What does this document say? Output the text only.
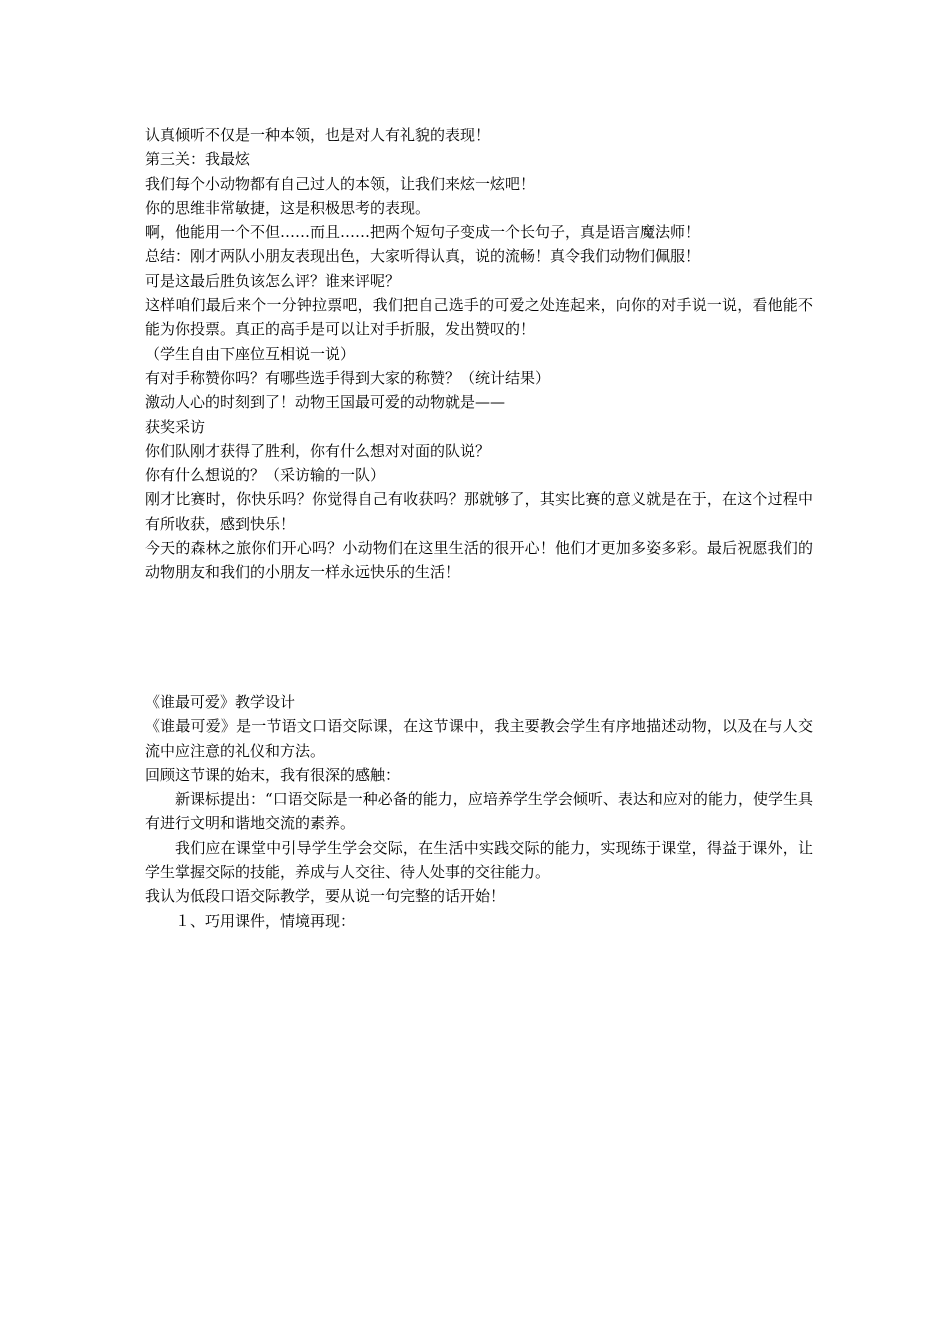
认真倾听不仅是一种本领，也是对人有礼貌的表现！
第三关：我最炫
我们每个小动物都有自己过人的本领，让我们来炫一炫吧！
你的思维非常敏捷，这是积极思考的表现。
啊，他能用一个不但……而且……把两个短句子变成一个长句子，真是语言魔法师！
总结：刚才两队小朋友表现出色，大家听得认真，说的流畅！真令我们动物们佩服！
可是这最后胜负该怎么评？谁来评呢？
这样咱们最后来个一分钟拉票吧，我们把自己选手的可爱之处连起来，向你的对手说一说，看他能不能为你投票。真正的高手是可以让对手折服，发出赞叹的！
（学生自由下座位互相说一说）
有对手称赞你吗？有哪些选手得到大家的称赞？（统计结果）
激动人心的时刻到了！动物王国最可爱的动物就是——
获奖采访
你们队刚才获得了胜利，你有什么想对对面的队说？
你有什么想说的？（采访输的一队）
刚才比赛时，你快乐吗？你觉得自己有收获吗？那就够了，其实比赛的意义就是在于，在这个过程中有所收获，感到快乐！
今天的森林之旅你们开心吗？小动物们在这里生活的很开心！他们才更加多姿多彩。最后祝愿我们的动物朋友和我们的小朋友一样永远快乐的生活！
《谁最可爱》教学设计
《谁最可爱》是一节语文口语交际课，在这节课中，我主要教会学生有序地描述动物，以及在与人交流中应注意的礼仪和方法。
回顾这节课的始末，我有很深的感触：
新课标提出：“口语交际是一种必备的能力，应培养学生学会倾听、表达和应对的能力，使学生具有进行文明和谐地交流的素养。
我们应在课堂中引导学生学会交际，在生活中实践交际的能力，实现练于课堂，得益于课外，让学生掌握交际的技能，养成与人交往、待人处事的交往能力。
我认为低段口语交际教学，要从说一句完整的话开始！
１、巧用课件，情境再现：
